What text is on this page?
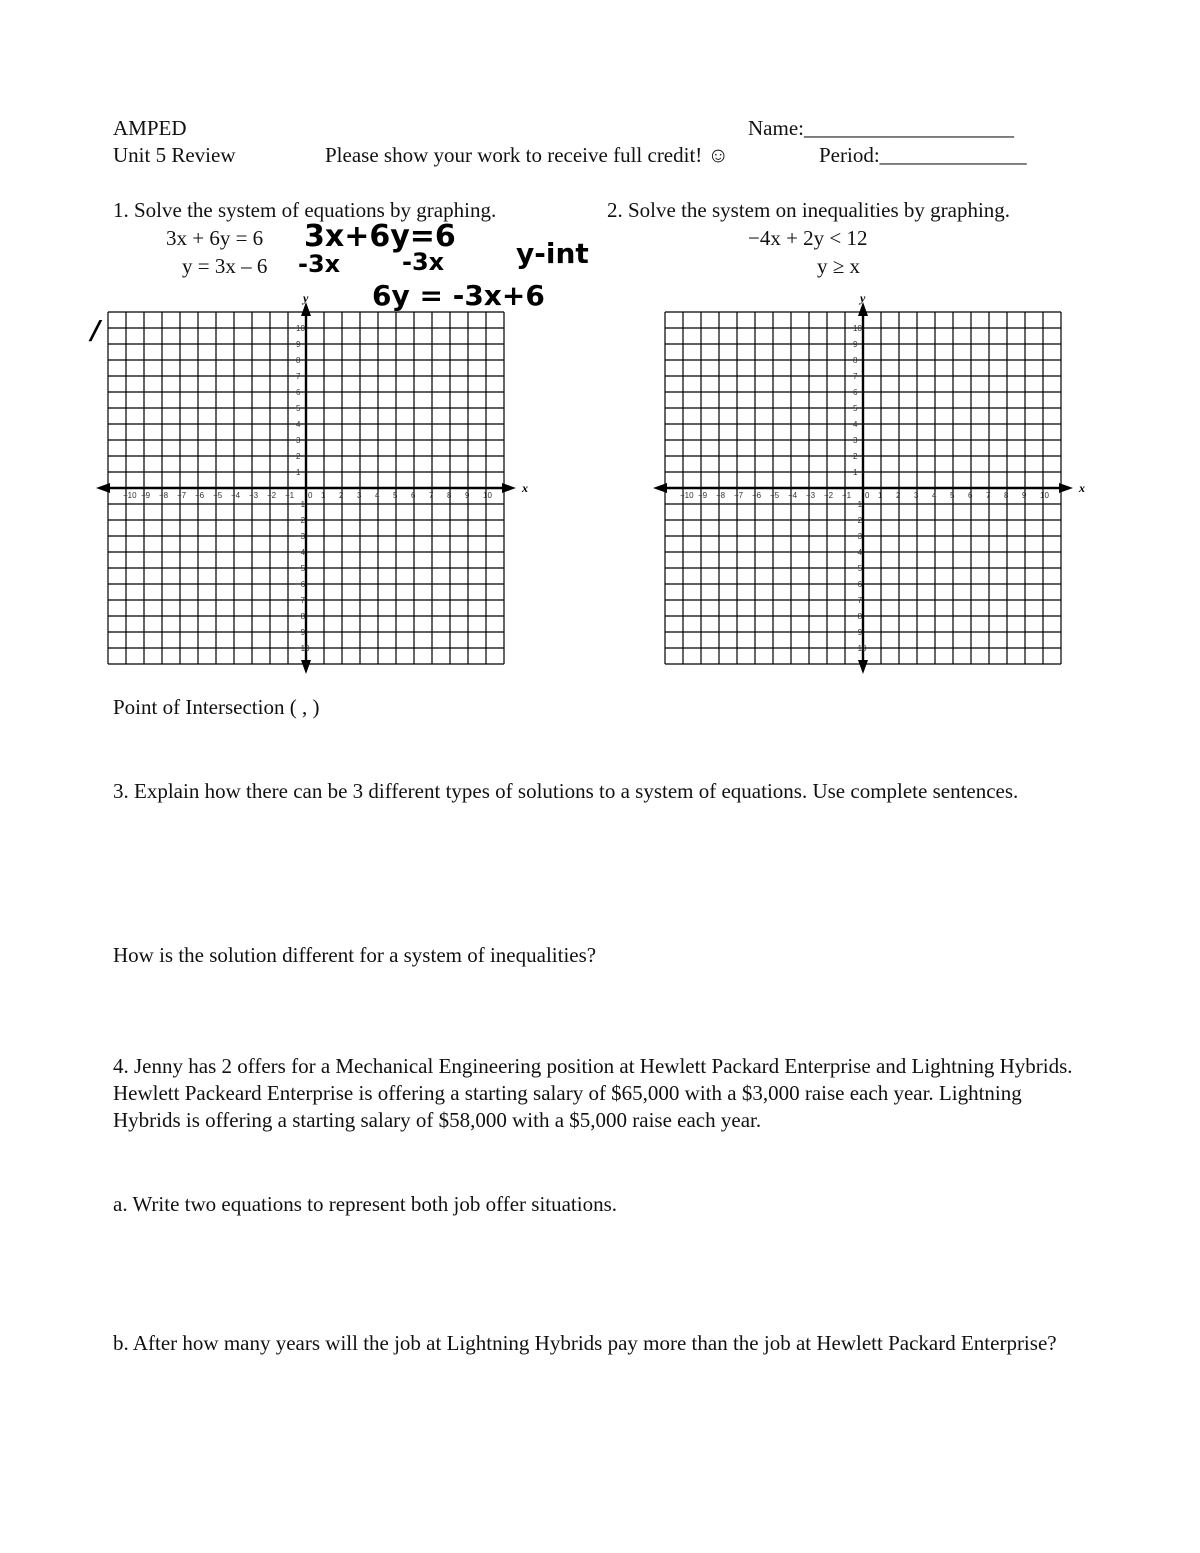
AMPED	Name:____________________
Unit 5 Review	Please show your work to receive full credit! ☺	Period:______________
1. Solve the system of equations by graphing.
3x + 6y = 6
y = 3x – 6
2. Solve the system on inequalities by graphing.
−4x + 2y < 12
y ≥ x
3x+6y=6
-3x	-3x	y-int
6y = -3x+6
/
x
y
−10
−10
−9
−9
−8
−8
−7
−7
−6
−6
−5
−5
−4
−4
−3
−3
−2
−2
−1
−1
0 1
1
2
2
3
3
4
4
5
5
6
6
7
7
8
8
9
9
10
10
x
y
−10
−10
−9
−9
−8
−8
−7
−7
−6
−6
−5
−5
−4
−4
−3
−3
−2
−2
−1
−1
0 1
1
2
2
3
3
4
4
5
5
6
6
7
7
8
8
9
9
10
10
Point of Intersection ( , )
3. Explain how there can be 3 different types of solutions to a system of equations. Use complete sentences.
How is the solution different for a system of inequalities?
4. Jenny has 2 offers for a Mechanical Engineering position at Hewlett Packard Enterprise and Lightning Hybrids. Hewlett Packeard Enterprise is offering a starting salary of $65,000 with a $3,000 raise each year. Lightning Hybrids is offering a starting salary of $58,000 with a $5,000 raise each year.
a. Write two equations to represent both job offer situations.
b. After how many years will the job at Lightning Hybrids pay more than the job at Hewlett Packard Enterprise?
